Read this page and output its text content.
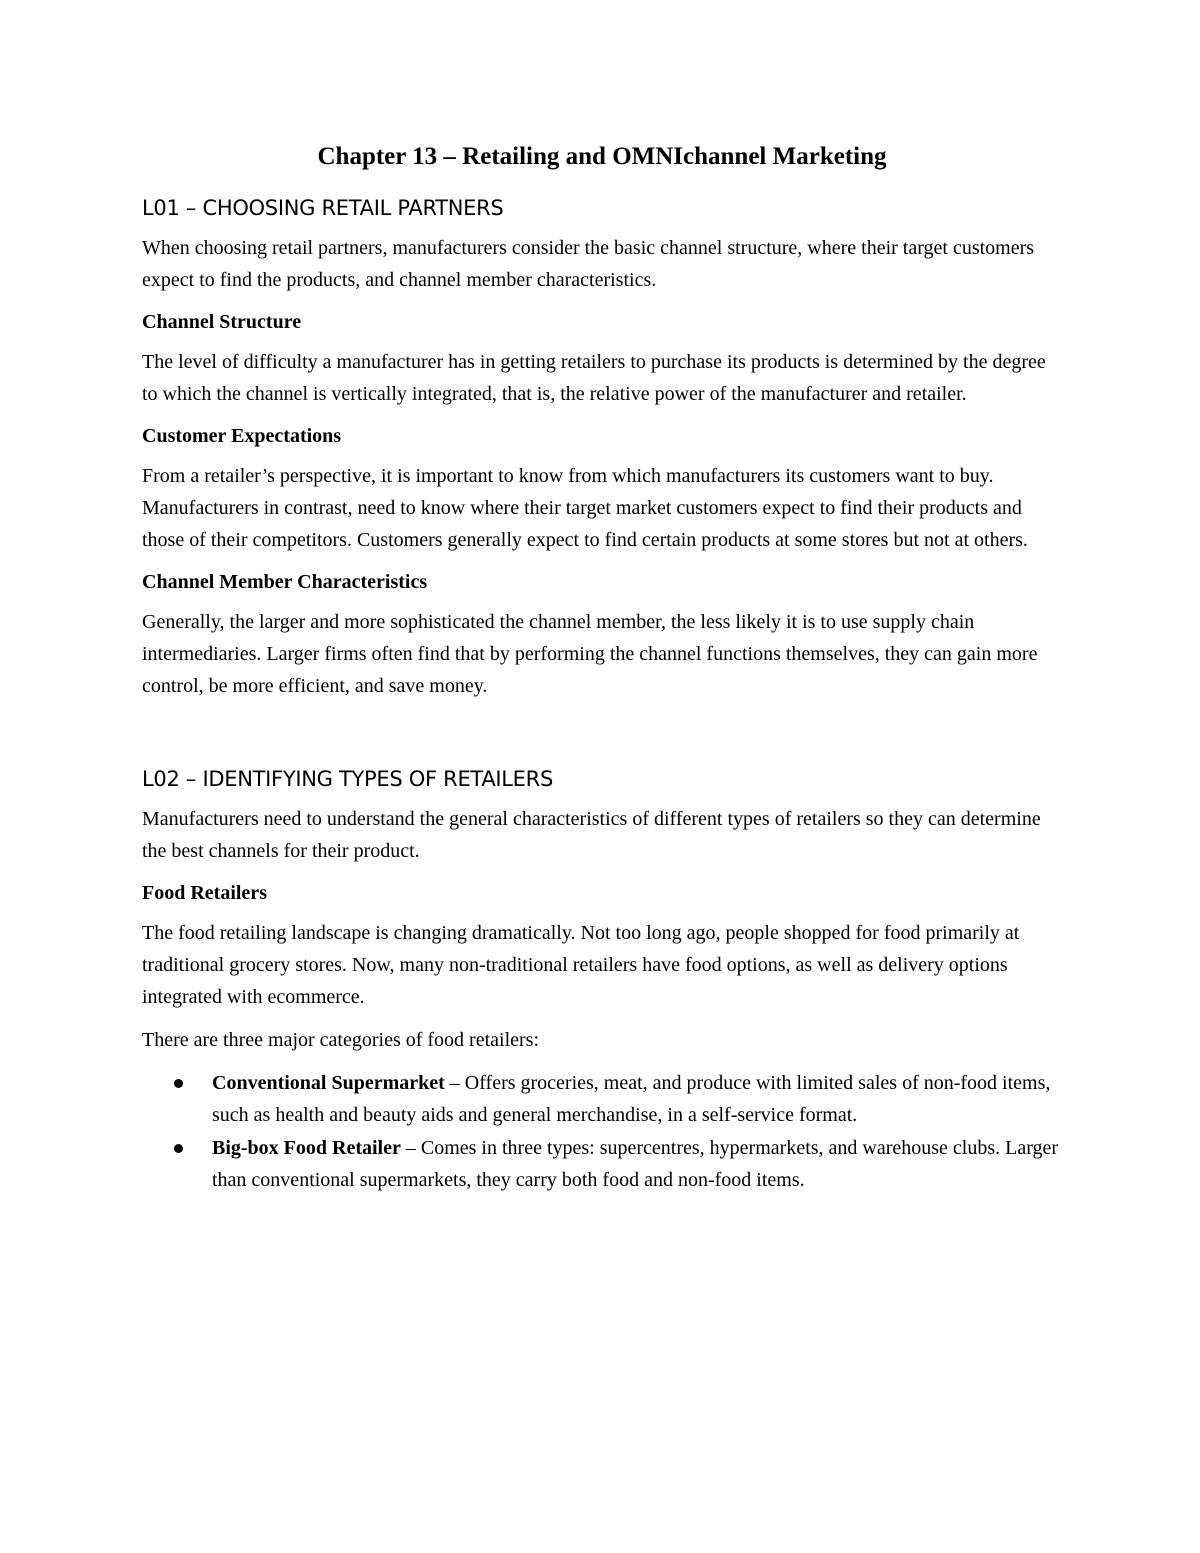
Chapter 13 – Retailing and OMNIchannel Marketing
L01 – CHOOSING RETAIL PARTNERS

When choosing retail partners, manufacturers consider the basic channel structure, where their target customers expect to find the products, and channel member characteristics.

Channel Structure

The level of difficulty a manufacturer has in getting retailers to purchase its products is determined by the degree to which the channel is vertically integrated, that is, the relative power of the manufacturer and retailer.

Customer Expectations

From a retailer’s perspective, it is important to know from which manufacturers its customers want to buy. Manufacturers in contrast, need to know where their target market customers expect to find their products and those of their competitors. Customers generally expect to find certain products at some stores but not at others.

Channel Member Characteristics

Generally, the larger and more sophisticated the channel member, the less likely it is to use supply chain intermediaries. Larger firms often find that by performing the channel functions themselves, they can gain more control, be more efficient, and save money.

L02 – IDENTIFYING TYPES OF RETAILERS

Manufacturers need to understand the general characteristics of different types of retailers so they can determine the best channels for their product.

Food Retailers

The food retailing landscape is changing dramatically. Not too long ago, people shopped for food primarily at traditional grocery stores. Now, many non-traditional retailers have food options, as well as delivery options integrated with ecommerce.

There are three major categories of food retailers:

Conventional Supermarket – Offers groceries, meat, and produce with limited sales of non-food items, such as health and beauty aids and general merchandise, in a self-service format.
Big-box Food Retailer – Comes in three types: supercentres, hypermarkets, and warehouse clubs. Larger than conventional supermarkets, they carry both food and non-food items.
